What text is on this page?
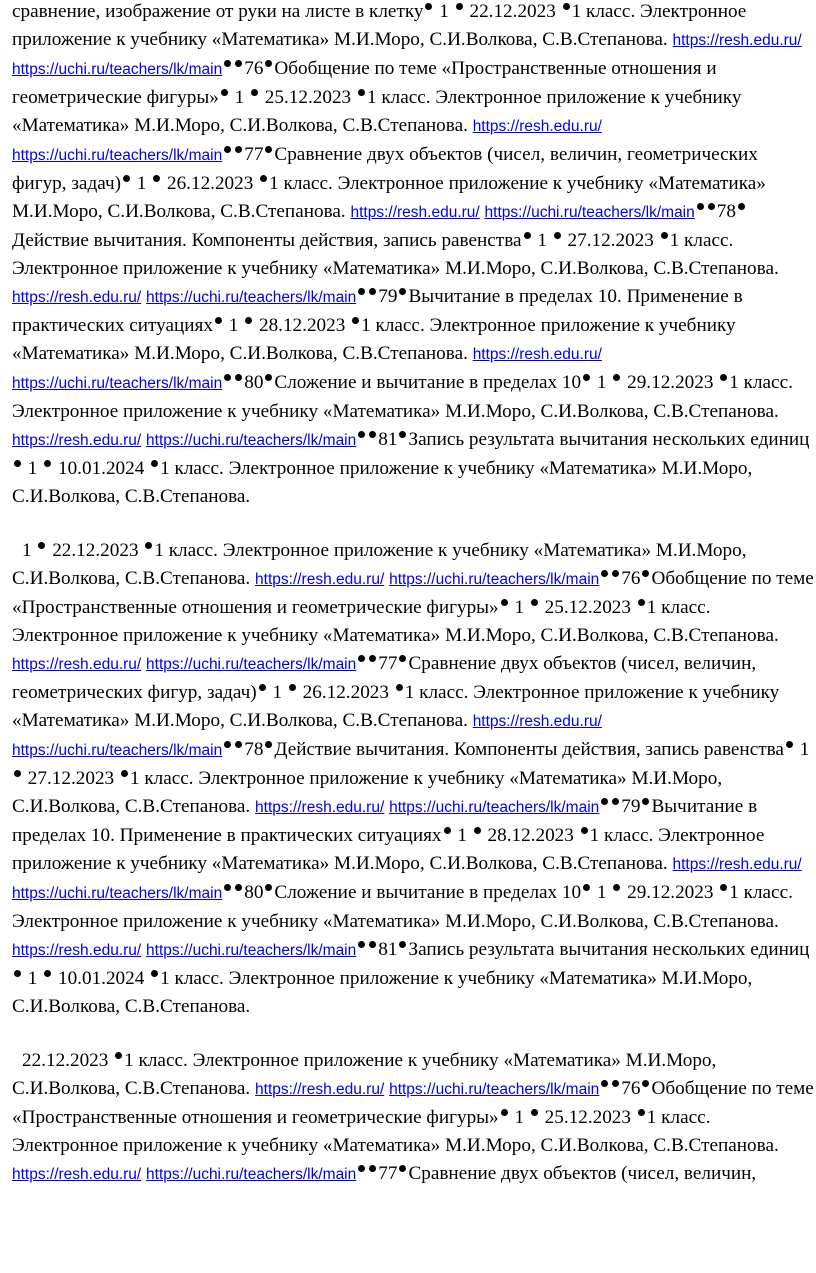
сравнение, изображение от руки на листе в клетку 1 22.12.2023 1 класс. Электронное приложение к учебнику «Математика» М.И.Моро, С.И.Волкова, С.В.Степанова. https://resh.edu.ru/ https://uchi.ru/teachers/lk/main 76 Обобщение по теме «Пространственные отношения и геометрические фигуры» 1 25.12.2023 1 класс. Электронное приложение к учебнику «Математика» М.И.Моро, С.И.Волкова, С.В.Степанова. https://resh.edu.ru/ https://uchi.ru/teachers/lk/main 77 Сравнение двух объектов (чисел, величин, геометрических фигур, задач) 1 26.12.2023 1 класс. Электронное приложение к учебнику «Математика» М.И.Моро, С.И.Волкова, С.В.Степанова. https://resh.edu.ru/ https://uchi.ru/teachers/lk/main 78Действие вычитания. Компоненты действия, запись равенства 1 27.12.2023 1 класс. Электронное приложение к учебнику «Математика» М.И.Моро, С.И.Волкова, С.В.Степанова. https://resh.edu.ru/ https://uchi.ru/teachers/lk/main 79 Вычитание в пределах 10. Применение в практических ситуациях 1 28.12.2023 1 класс. Электронное приложение к учебнику «Математика» М.И.Моро, С.И.Волкова, С.В.Степанова. https://resh.edu.ru/ https://uchi.ru/teachers/lk/main 80 Сложение и вычитание в пределах 10 1 29.12.2023 1 класс. Электронное приложение к учебнику «Математика» М.И.Моро, С.И.Волкова, С.В.Степанова. https://resh.edu.ru/ https://uchi.ru/teachers/lk/main 81 Запись результата вычитания нескольких единиц 1 10.01.2024 1 класс. Электронное приложение к учебнику «Математика» М.И.Моро, С.И.Волкова, С.В.Степанова.

1 22.12.2023 1 класс. Электронное приложение к учебнику «Математика» М.И.Моро, С.И.Волкова, С.В.Степанова. https://resh.edu.ru/ https://uchi.ru/teachers/lk/main 76 Обобщение по теме «Пространственные отношения и геометрические фигуры» 1 25.12.2023 1 класс. Электронное приложение к учебнику «Математика» М.И.Моро, С.И.Волкова, С.В.Степанова. https://resh.edu.ru/ https://uchi.ru/teachers/lk/main 77 Сравнение двух объектов (чисел, величин, геометрических фигур, задач) 1 26.12.2023 1 класс. Электронное приложение к учебнику «Математика» М.И.Моро, С.И.Волкова, С.В.Степанова. https://resh.edu.ru/ https://uchi.ru/teachers/lk/main 78 Действие вычитания. Компоненты действия, запись равенства 1  27.12.2023 1 класс. Электронное приложение к учебнику «Математика» М.И.Моро, С.И.Волкова, С.В.Степанова. https://resh.edu.ru/ https://uchi.ru/teachers/lk/main 79 Вычитание в пределах 10. Применение в практических ситуациях 1 28.12.2023 1 класс. Электронное приложение к учебнику «Математика» М.И.Моро, С.И.Волкова, С.В.Степанова. https://resh.edu.ru/ https://uchi.ru/teachers/lk/main 80 Сложение и вычитание в пределах 10 1 29.12.2023 1 класс. Электронное приложение к учебнику «Математика» М.И.Моро, С.И.Волкова, С.В.Степанова. https://resh.edu.ru/ https://uchi.ru/teachers/lk/main 81 Запись результата вычитания нескольких единиц 1 10.01.2024 1 класс. Электронное приложение к учебнику «Математика» М.И.Моро, С.И.Волкова, С.В.Степанова.

22.12.2023 1 класс. Электронное приложение к учебнику «Математика» М.И.Моро, С.И.Волкова, С.В.Степанова. https://resh.edu.ru/ https://uchi.ru/teachers/lk/main 76 Обобщение по теме «Пространственные отношения и геометрические фигуры» 1 25.12.2023 1 класс. Электронное приложение к учебнику «Математика» М.И.Моро, С.И.Волкова, С.В.Степанова. https://resh.edu.ru/ https://uchi.ru/teachers/lk/main 77 Сравнение двух объектов (чисел, величин,
